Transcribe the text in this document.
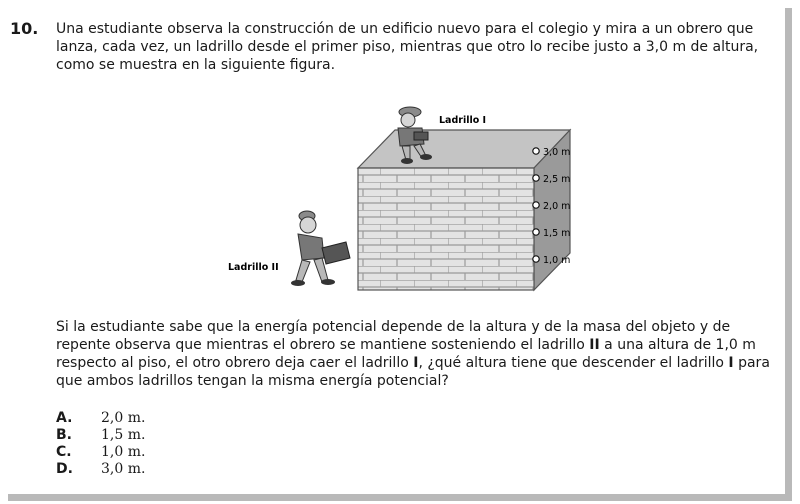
10. Una estudiante observa la construcción de un edificio nuevo para el colegio y mira a un obrero que lanza, cada vez, un ladrillo desde el primer piso, mientras que otro lo recibe justo a 3,0 m de altura, como se muestra en la siguiente figura.
Ladrillo I
Ladrillo II
3,0 m
2,5 m
2,0 m
1,5 m
1,0 m
Si la estudiante sabe que la energía potencial depende de la altura y de la masa del objeto y de repente observa que mientras el obrero se mantiene sosteniendo el ladrillo II a una altura de 1,0 m respecto al piso, el otro obrero deja caer el ladrillo I, ¿qué altura tiene que descender el ladrillo I para que ambos ladrillos tengan la misma energía potencial?
A.	2,0 m.
B.	1,5 m.
C.	1,0 m.
D.	3,0 m.
